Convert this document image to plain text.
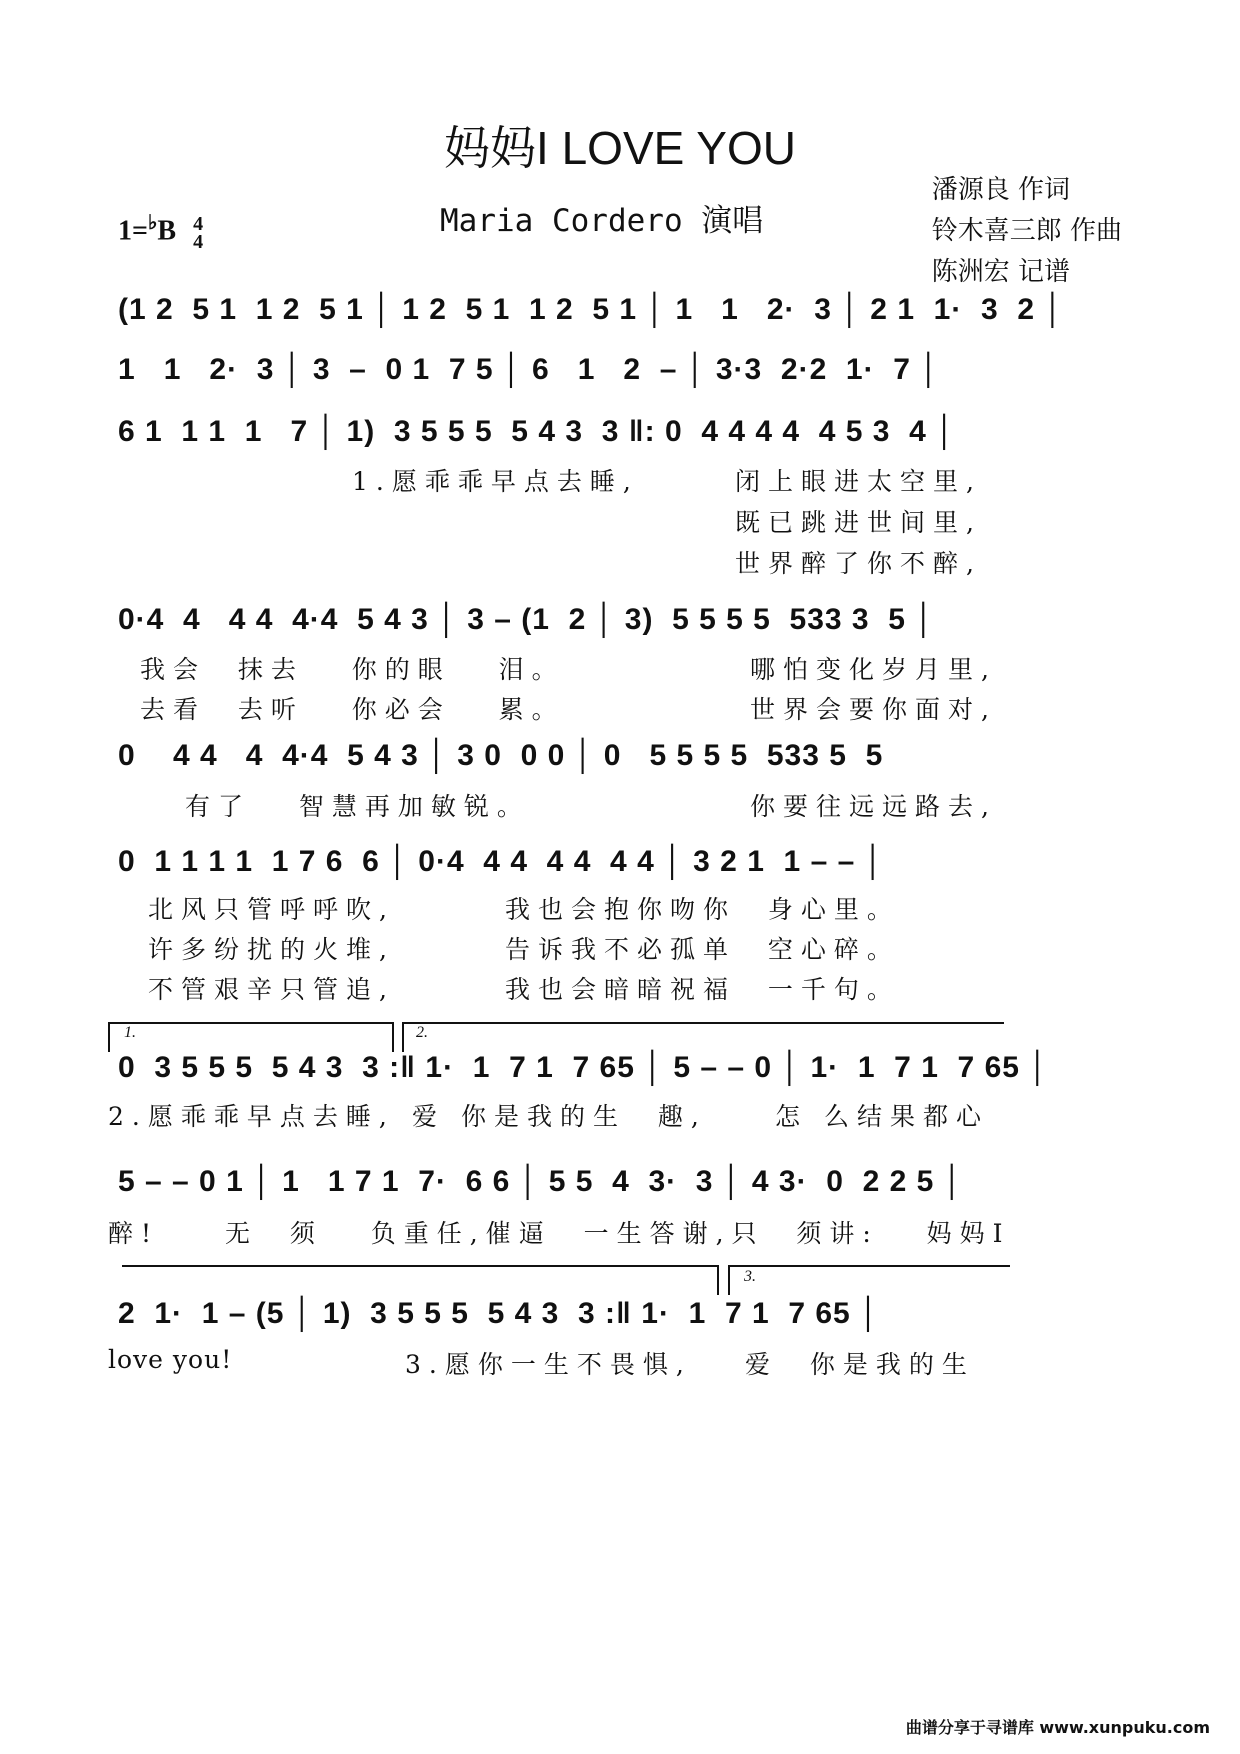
妈妈I LOVE YOU
Maria Cordero 演唱
潘源良 作词
铃木喜三郎 作曲
陈洲宏 记谱
1=♭B 4
4
(1 2  5 1  1 2  5 1 │ 1 2  5 1  1 2  5 1 │ 1   1   2·  3 │ 2 1  1·  3  2 │
1   1   2·  3 │ 3  –  0 1  7 5 │ 6   1   2  – │ 3·3  2·2  1·  7 │
6 1  1 1  1   7 │ 1)  3 5 5 5  5 4 3  3 ‖: 0  4 4 4 4  4 5 3  4 │
1.愿乖乖早点去睡,	闭上眼进太空里,
既已跳进世间里,
世界醉了你不醉,
0·4  4   4 4  4·4  5 4 3 │ 3 – (1  2 │ 3)  5 5 5 5  533 3  5 │
我会  抹去   你的眼   泪。	哪怕变化岁月里,
去看  去听   你必会   累。	世界会要你面对,
0    4 4   4  4·4  5 4 3 │ 3 0  0 0 │ 0   5 5 5 5  533 5  5
有了   智慧再加敏锐。	你要往远远路去,
0  1 1 1 1  1 7 6  6 │ 0·4  4 4  4 4  4 4 │ 3 2 1  1 – – │
北风只管呼呼吹,	我也会抱你吻你  身心里。
许多纷扰的火堆,	告诉我不必孤单  空心碎。
不管艰辛只管追,	我也会暗暗祝福  一千句。
1.	2.
0  3 5 5 5  5 4 3  3 :‖ 1·  1  7 1  7 65 │ 5 – – 0 │ 1·  1  7 1  7 65 │
2.愿乖乖早点去睡, 爱 你是我的生  趣,	怎 么结果都心
5 – – 0 1 │ 1   1 7 1  7·  6 6 │ 5 5  4  3·  3 │ 4 3·  0  2 2 5 │
醉!	无  须   负重任,催逼  一生答谢,只  须讲:   妈妈I
3.
2  1·  1 – (5 │ 1)  3 5 5 5  5 4 3  3 :‖ 1·  1  7 1  7 65 │
love you!	3.愿你一生不畏惧, 爱  你是我的生
曲谱分享于寻谱库 www.xunpuku.com
